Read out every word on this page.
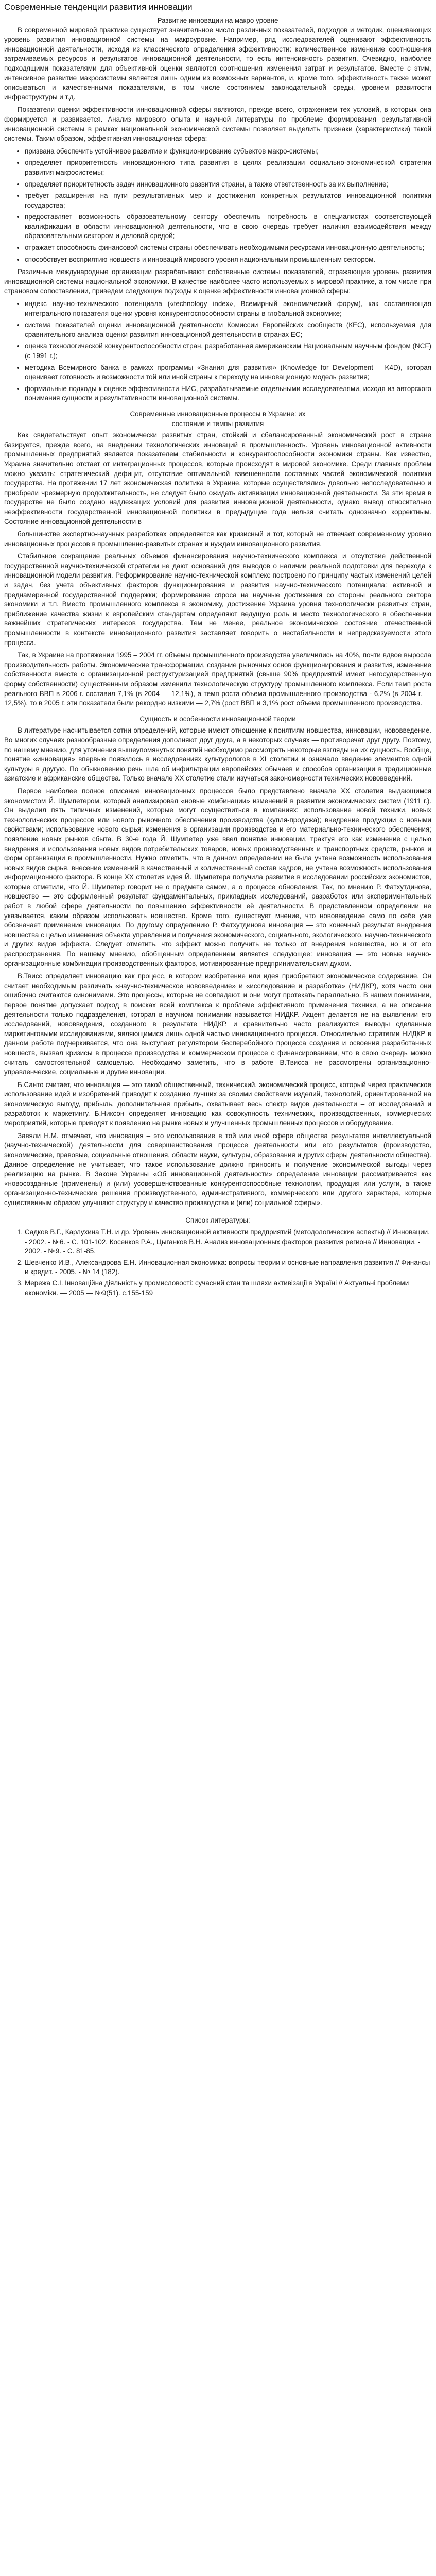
Современные тенденции развития инновации

Развитие инновации на макро уровне

В современной мировой практике существует значительное число различных показателей, подходов и методик, оценивающих уровень развития инновационной системы на макроуровне. Например, ряд исследователей оценивают эффективность инновационной деятельности, исходя из классического определения эффективности: количественное изменение соотношения затрачиваемых ресурсов и результатов инновационной деятельности, то есть интенсивность развития. Очевидно, наиболее подходящими показателями для объективной оценки являются соотношения изменения затрат и результатов. Вместе с этим, интенсивное развитие макросистемы является лишь одним из возможных вариантов, и, кроме того, эффективность также может описываться и качественными показателями, в том числе состоянием законодательной среды, уровнем развитости инфраструктуры и т.д.

Показатели оценки эффективности инновационной сферы являются, прежде всего, отражением тех условий, в которых она формируется и развивается. Анализ мирового опыта и научной литературы по проблеме формирования результативной инновационной системы в рамках национальной экономической системы позволяет выделить признаки (характеристики) такой системы. Таким образом, эффективная инновационная сфера:

• призвана обеспечить устойчивое развитие и функционирование субъектов макро-системы;
• определяет приоритетность инновационного типа развития в целях реализации социально-экономической стратегии развития макросистемы;
• определяет приоритетность задач инновационного развития страны, а также ответственность за их выполнение;
• требует расширения на пути результативных мер и достижения конкретных результатов инновационной политики государства;
• предоставляет возможность образовательному сектору обеспечить потребность в специалистах соответствующей квалификации в области инновационной деятельности, что в свою очередь требует наличия взаимодействия между образовательным сектором и деловой средой;
• отражает способность финансовой системы страны обеспечивать необходимыми ресурсами инновационную деятельность;
• способствует восприятию новшеств и инноваций мирового уровня национальным промышленным сектором.

Различные международные организации разрабатывают собственные системы показателей, отражающие уровень развития инновационной системы национальной экономики. В качестве наиболее часто используемых в мировой практике, а том числе при страновом сопоставлении, приведем следующие подходы к оценке эффективности инновационной сферы:

• индекс научно-технического потенциала («technology index», Всемирный экономический форум), как составляющая интегрального показателя оценки уровня конкурентоспособности страны в глобальной экономике;
• система показателей оценки инновационной деятельности Комиссии Европейских сообществ (КЕС), используемая для сравнительного анализа оценки развития инновационной деятельности в странах ЕС;
• оценка технологической конкурентоспособности стран, разработанная американским Национальным научным фондом (NCF) (с 1991 г.);
• методика Всемирного банка в рамках программы «Знания для развития» (Knowledge for Development – K4D), которая оценивает готовность и возможности той или иной страны к переходу на инновационную модель развития;
• формальные подходы к оценке эффективности НИС, разрабатываемые отдельными исследователями, исходя из авторского понимания сущности и результативности инновационной системы.
Современные инновационные процессы в Украине: их
состояние и темпы развития

Как свидетельствует опыт экономически развитых стран, стойкий и сбалансированный экономический рост в стране базируется, прежде всего, на внедрении технологических инноваций в промышленность. Уровень инновационной активности промышленных предприятий является показателем стабильности и конкурентоспособности экономики страны. Как известно, Украина значительно отстает от интеграционных процессов, которые происходят в мировой экономике. Среди главных проблем можно указать: стратегический дефицит, отсутствие оптимальной взвешенности составных частей экономической политики государства. На протяжении 17 лет экономическая политика в Украине, которые осуществлялись довольно непоследовательно и приобрели чрезмерную продолжительность, не следует было ожидать активизации инновационной деятельности. За эти время в государстве не было создано надлежащих условий для развития инновационной деятельности, однако вывод относительно неэффективности государственной инновационной политики в предыдущие года нельзя считать однозначно корректным. Состояние инновационной деятельности в

большинстве экспертно-научных разработках определяется как кризисный и тот, который не отвечает современному уровню инновационных процессов в промышленно-развитых странах и нуждам инновационного развития.

Стабильное сокращение реальных объемов финансирования научно-технического комплекса и отсутствие действенной государственной научно-технической стратегии не дают оснований для выводов о наличии реальной подготовки для перехода к инновационной модели развития. Реформирование научно-технической комплекс построено по принципу частых изменений целей и задач, без учета объективных факторов функционирования и развития научно-технического потенциала: активной и преднамеренной государственной поддержки; формирование спроса на научные достижения со стороны реального сектора экономики и т.п. Вместо промышленного комплекса в экономику, достижение Украина уровня технологически развитых стран, приближение качества жизни к европейским стандартам определяют ведущую роль и место технологического в обеспечении важнейших стратегических интересов государства. Тем не менее, реальное экономическое состояние отечественной промышленности в контексте инновационного развития заставляет говорить о нестабильности и непредсказуемости этого процесса.

Так, в Украине на протяжении 1995 – 2004 гг. объемы промышленного производства увеличились на 40%, почти вдвое выросла производительность работы. Экономические трансформации, создание рыночных основ функционирования и развития, изменение собственности вместе с организационной реструктуризацией предприятий (свыше 90% предприятий имеет негосударственную форму собственности) существенным образом изменили технологическую структуру промышленного комплекса. Если темп роста реального ВВП в 2006 г. составил 7,1% (в 2004 — 12,1%), а темп роста объема промышленного производства - 6,2% (в 2004 г. — 12,5%), то в 2005 г. эти показатели были рекордно низкими — 2,7% (рост ВВП и 3,1% рост объема промышленного производства.

Сущность и особенности инновационной теории

В литературе насчитывается сотни определений, которые имеют отношение к понятиям новшества, инновации, нововведение. Во многих случаях разнообразные определения дополняют друг друга, а в некоторых случаях — противоречат друг другу. Поэтому, по нашему мнению, для уточнения вышеупомянутых понятий необходимо рассмотреть некоторые взгляды на их сущность. Вообще, понятие «инновация» впервые появилось в исследованиях культурологов в XI столетии и означало введение элементов одной культуры в другую. По обыкновению речь шла об инфильтрации европейских обычаев и способов организации в традиционные азиатские и африканские общества. Только вначале XX столетие стали изучаться закономерности технических нововведений.

Первое наиболее полное описание инновационных процессов было представлено вначале XX столетия выдающимся экономистом Й. Шумпетером, который анализировал «новые комбинации» изменений в развитии экономических систем (1911 г.). Он выделил пять типичных изменений, которые могут осуществиться в компаниях: использование новой техники, новых технологических процессов или нового рыночного обеспечения производства (купля-продажа); внедрение продукции с новыми свойствами; использование нового сырья; изменения в организации производства и его материально-технического обеспечения; появление новых рынков сбыта. В 30-е года Й. Шумпетер уже ввел понятие инновации, трактуя его как изменение с целью внедрения и использования новых видов потребительских товаров, новых производственных и транспортных средств, рынков и форм организации в промышленности. Нужно отметить, что в данном определении не была учтена возможность использования новых видов сырья, внесение изменений в качественный и количественный состав кадров, не учтена возможность использования информационного фактора. В конце XX столетия идея Й. Шумпетера получила развитие в исследовании российских экономистов, которые отметили, что Й. Шумпетер говорит не о предмете самом, а о процессе обновления. Так, по мнению Р. Фатхутдинова, новшество — это оформленный результат фундаментальных, прикладных исследований, разработок или экспериментальных работ в любой сфере деятельности по повышению эффективности её деятельности. В представленном определении не указывается, каким образом использовать новшество. Кроме того, существует мнение, что нововведение само по себе уже обозначает применение инновации. По другому определению Р. Фатхутдинова инновация — это конечный результат внедрения новшества с целью изменения объекта управления и получения экономического, социального, экологического, научно-технического и других видов эффекта. Следует отметить, что эффект можно получить не только от внедрения новшества, но и от его распространения. По нашему мнению, обобщенным определением является следующее: инновация — это новые научно-организационные комбинации производственных факторов, мотивированные предпринимательским духом.

В.Твисс определяет инновацию как процесс, в котором изобретение или идея приобретают экономическое содержание. Он считает необходимым различать «научно-техническое нововведение» и «исследование и разработка» (НИДКР), хотя часто они ошибочно считаются синонимами. Это процессы, которые не совпадают, и они могут протекать параллельно. В нашем понимании, первое понятие допускает подход в поисках всей комплекса к проблеме эффективного применения техники, а не описание деятельности только подразделения, которая в научном понимании называется НИДКР. Акцент делается не на выявлении его исследований, нововведения, созданного в результате НИДКР, и сравнительно часто реализуются выводы сделанные маркетинговыми исследованиями, являющимися лишь одной частью инновационного процесса. Относительно стратегии НИДКР в данном работе подчеркивается, что она выступает регулятором бесперебойного процесса создания и освоения разработанных новшеств, вызвал кризисы в процессе производства и коммерческом процессе с финансированием, что в свою очередь можно считать самостоятельной самоцелью. Необходимо заметить, что в работе В.Твисса не рассмотрены организационно-управленческие, социальные и другие инновации.

Б.Санто считает, что инновация — это такой общественный, технический, экономический процесс, который через практическое использование идей и изобретений приводит к созданию лучших за своими свойствами изделий, технологий, ориентированной на экономическую выгоду, прибыль, дополнительная прибыль, охватывает весь спектр видов деятельности – от исследований и разработок к маркетингу. Б.Никсон определяет инновацию как совокупность технических, производственных, коммерческих мероприятий, которые приводят к появлению на рынке новых и улучшенных промышленных процессов и оборудование.

Завяли Н.М. отмечает, что инновация – это использование в той или иной сфере общества результатов интеллектуальной (научно-технической) деятельности для совершенствования процессе деятельности или его результатов (производство, экономические, правовые, социальные отношения, области науки, культуры, образования и других сферы деятельности общества). Данное определение не учитывает, что такое использование должно приносить и получение экономической выгоды через реализацию на рынке. В Законе Украины «Об инновационной деятельности» определение инновации рассматривается как «новосозданные (применены) и (или) усовершенствованные конкурентоспособные технологии, продукция или услуги, а также организационно-технические решения производственного, административного, коммерческого или другого характера, которые существенным образом улучшают структуру и качество производства и (или) социальной сферы».

Список литературы:

1. Садков В.Г., Карлухина Т.Н. и др. Уровень инновационной активности предприятий (методологические аспекты) // Инновации. - 2002. - №6. - С. 101-102. Косенков Р.А., Цыганков В.Н. Анализ инновационных факторов развития региона // Инновации. - 2002. - №9. - С. 81-85.
2. Шевченко И.В., Александрова Е.Н. Инновационная экономика: вопросы теории и основные направления развития // Финансы и кредит. - 2005. - № 14 (182).
3. Мережа С.І. Інноваційна діяльність у промисловості: сучасний стан та шляхи активізації в Україні // Актуальні проблеми економіки. — 2005 — №9(51). с.155-159
